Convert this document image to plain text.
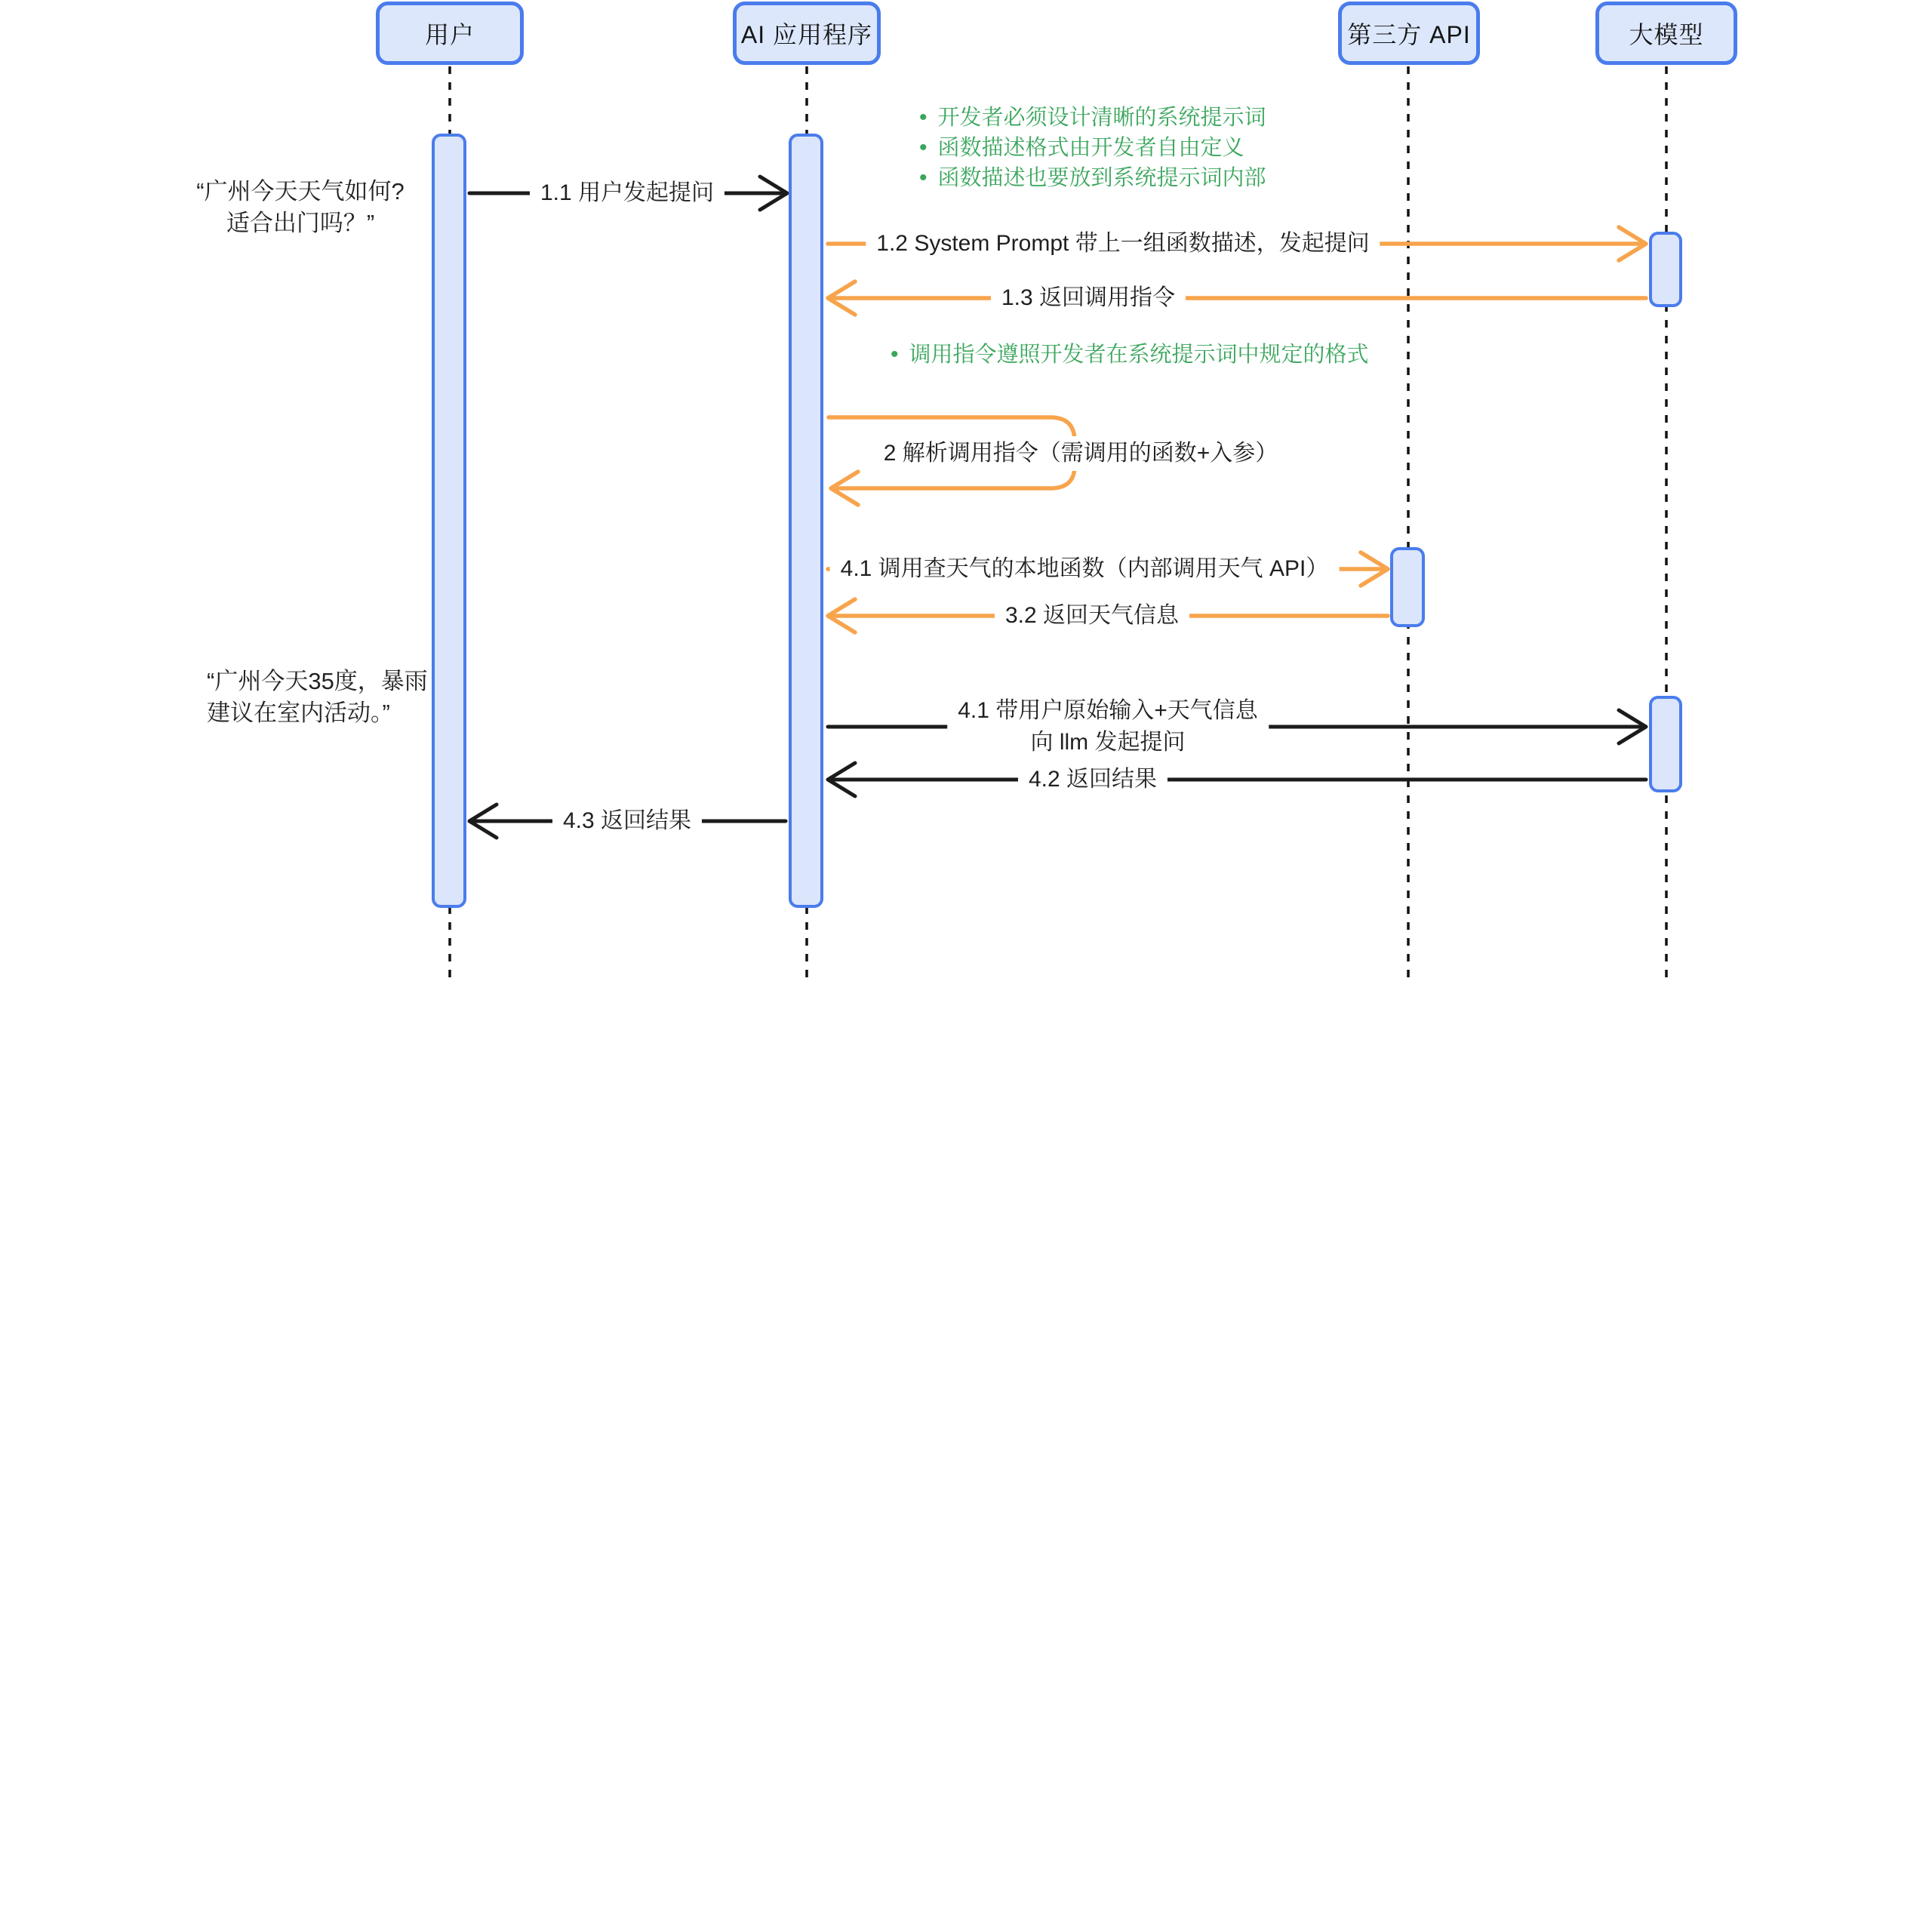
用户	AI 应用程序	第三方 API	大模型
1.1 用户发起提问
1.2 System Prompt 带上一组函数描述，发起提问
1.3 返回调用指令
2 解析调用指令（需调用的函数+入参）
4.1 调用查天气的本地函数（内部调用天气 API）
3.2 返回天气信息
4.1 带用户原始输入+天气信息
向 llm 发起提问
4.2 返回结果
4.3 返回结果
“广州今天天气如何?
适合出门吗？”
“广州今天35度，暴雨
建议在室内活动。”
• 开发者必须设计清晰的系统提示词
• 函数描述格式由开发者自由定义
• 函数描述也要放到系统提示词内部
• 调用指令遵照开发者在系统提示词中规定的格式
